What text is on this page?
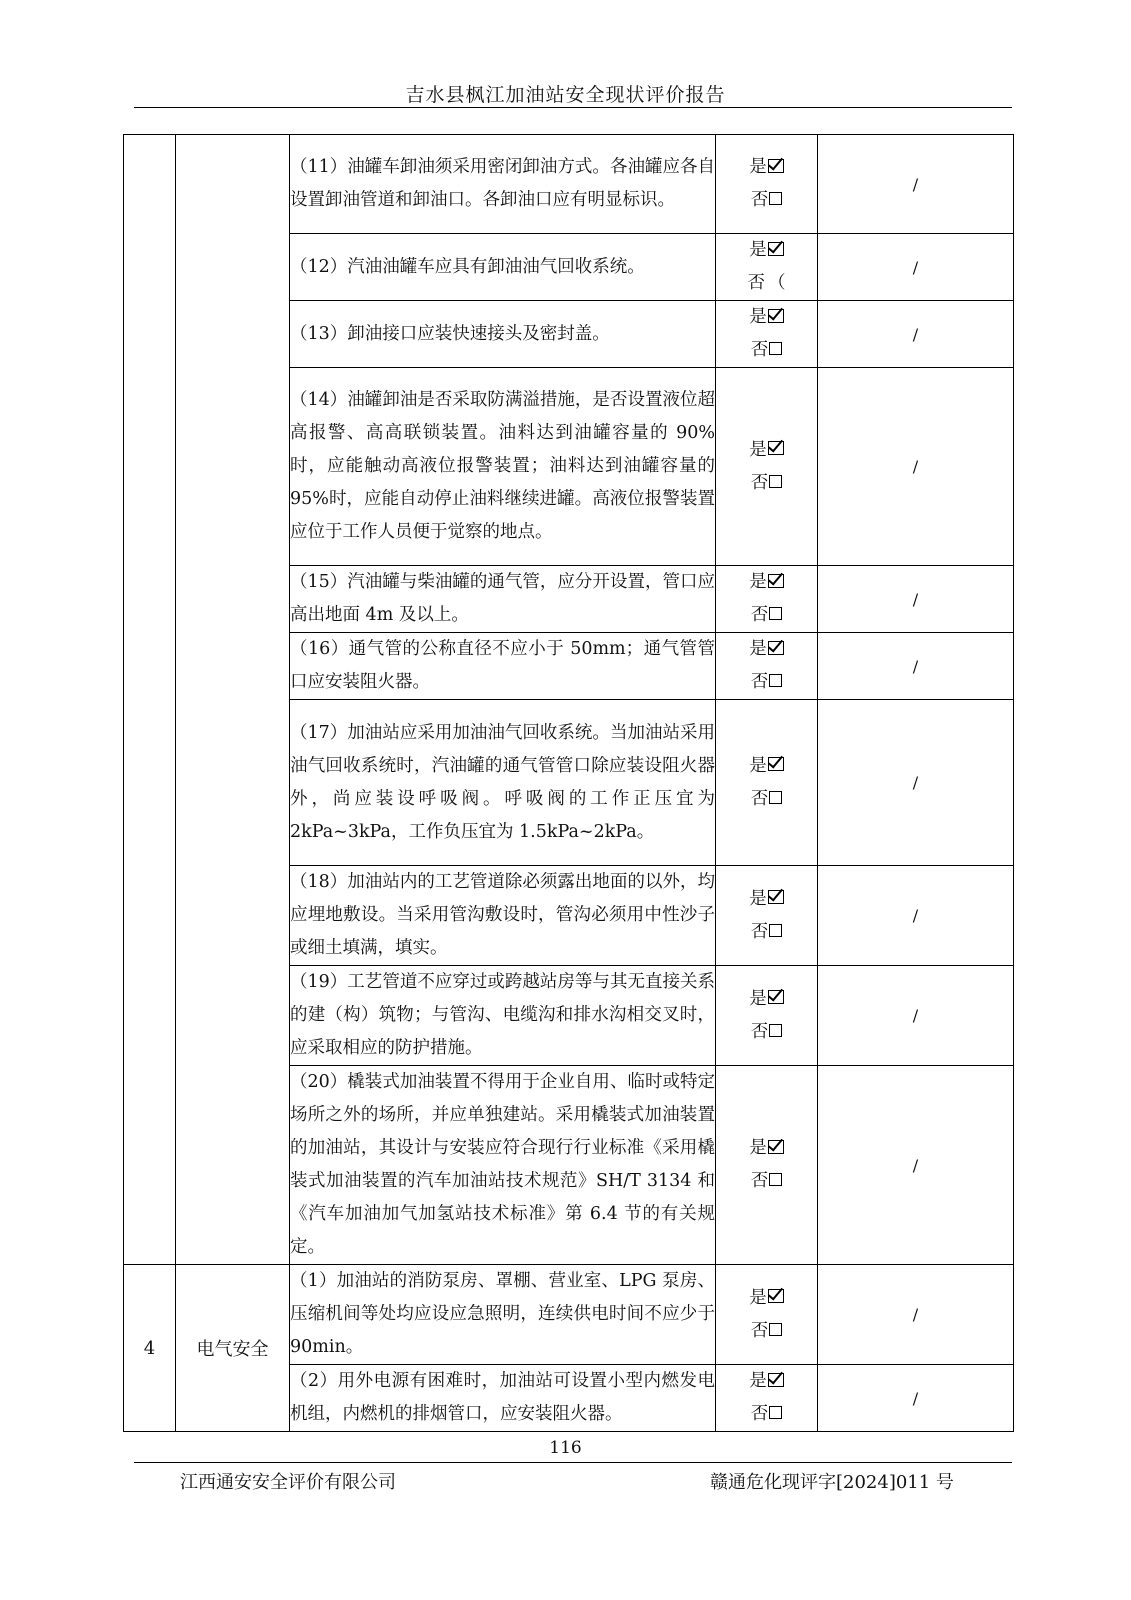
吉水县枫江加油站安全现状评价报告
		（11）油罐车卸油须采用密闭卸油方式。各油罐应各自设置卸油管道和卸油口。各卸油口应有明显标识。	是
否	/
		（12）汽油油罐车应具有卸油油气回收系统。	是
否 （	/
		（13）卸油接口应装快速接头及密封盖。	是
否	/
		（14）油罐卸油是否采取防满溢措施，是否设置液位超高报警、高高联锁装置。油料达到油罐容量的 90%时，应能触动高液位报警装置；油料达到油罐容量的 95%时，应能自动停止油料继续进罐。高液位报警装置应位于工作人员便于觉察的地点。	是
否	/
		（15）汽油罐与柴油罐的通气管，应分开设置，管口应高出地面 4m 及以上。	是
否	/
		（16）通气管的公称直径不应小于 50mm；通气管管口应安装阻火器。	是
否	/
		（17）加油站应采用加油油气回收系统。当加油站采用油气回收系统时，汽油罐的通气管管口除应装设阻火器外，尚应装设呼吸阀。呼吸阀的工作正压宜为 2kPa~3kPa，工作负压宜为 1.5kPa~2kPa。	是
否	/
		（18）加油站内的工艺管道除必须露出地面的以外，均应埋地敷设。当采用管沟敷设时，管沟必须用中性沙子或细土填满，填实。	是
否	/
		（19）工艺管道不应穿过或跨越站房等与其无直接关系的建（构）筑物；与管沟、电缆沟和排水沟相交叉时，应采取相应的防护措施。	是
否	/
		（20）橇装式加油装置不得用于企业自用、临时或特定场所之外的场所，并应单独建站。采用橇装式加油装置的加油站，其设计与安装应符合现行行业标准《采用橇装式加油装置的汽车加油站技术规范》SH/T 3134 和《汽车加油加气加氢站技术标准》第 6.4 节的有关规定。	是
否	/
4	电气安全	（1）加油站的消防泵房、罩棚、营业室、LPG 泵房、压缩机间等处均应设应急照明，连续供电时间不应少于 90min。	是
否	/
		（2）用外电源有困难时，加油站可设置小型内燃发电机组，内燃机的排烟管口，应安装阻火器。	是
否	/
116
江西通安安全评价有限公司	赣通危化现评字[2024]011 号
